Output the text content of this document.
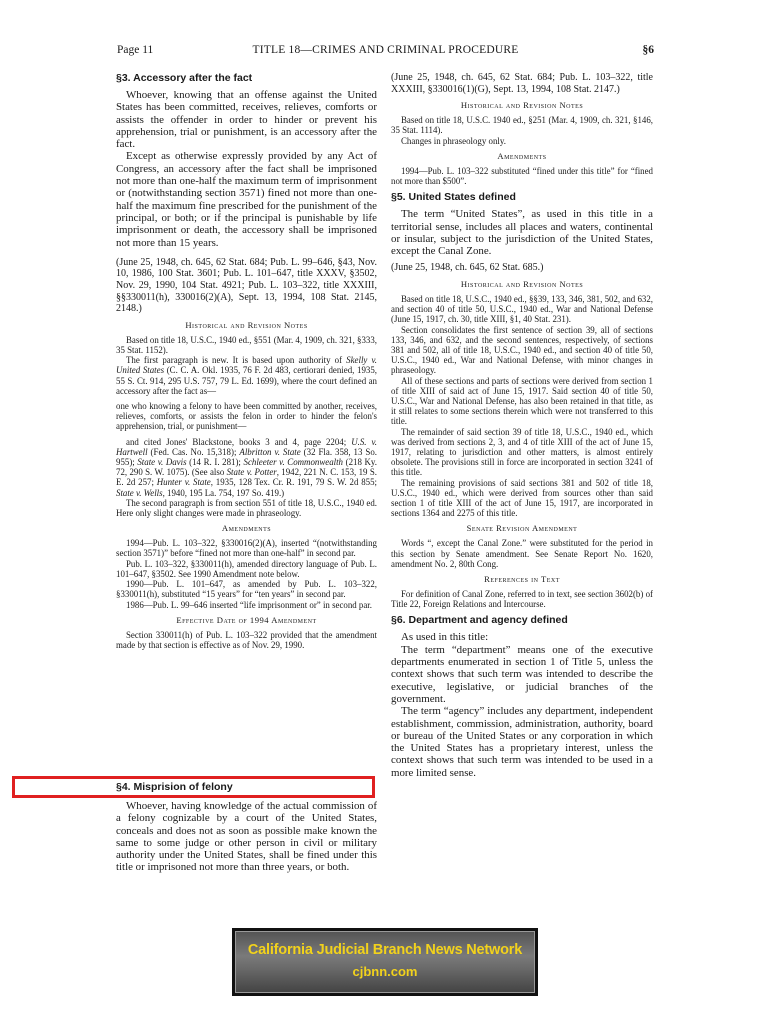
Page 11	TITLE 18—CRIMES AND CRIMINAL PROCEDURE	§6
§3. Accessory after the fact

Whoever, knowing that an offense against the United States has been committed, receives, relieves, comforts or assists the offender in order to hinder or prevent his apprehension, trial or punishment, is an accessory after the fact.

Except as otherwise expressly provided by any Act of Congress, an accessory after the fact shall be imprisoned not more than one-half the maximum term of imprisonment or (notwithstanding section 3571) fined not more than one-half the maximum fine prescribed for the punishment of the principal, or both; or if the principal is punishable by life imprisonment or death, the accessory shall be imprisoned not more than 15 years.

(June 25, 1948, ch. 645, 62 Stat. 684; Pub. L. 99–646, §43, Nov. 10, 1986, 100 Stat. 3601; Pub. L. 101–647, title XXXV, §3502, Nov. 29, 1990, 104 Stat. 4921; Pub. L. 103–322, title XXXIII, §§330011(h), 330016(2)(A), Sept. 13, 1994, 108 Stat. 2145, 2148.)

Historical and Revision Notes

Based on title 18, U.S.C., 1940 ed., §551 (Mar. 4, 1909, ch. 321, §333, 35 Stat. 1152).

The first paragraph is new. It is based upon authority of Skelly v. United States (C. C. A. Okl. 1935, 76 F. 2d 483, certiorari denied, 1935, 55 S. Ct. 914, 295 U.S. 757, 79 L. Ed. 1699), where the court defined an accessory after the fact as—

one who knowing a felony to have been committed by another, receives, relieves, comforts, or assists the felon in order to hinder the felon's apprehension, trial, or punishment—

and cited Jones' Blackstone, books 3 and 4, page 2204; U.S. v. Hartwell (Fed. Cas. No. 15,318); Albritton v. State (32 Fla. 358, 13 So. 955); State v. Davis (14 R. I. 281); Schleeter v. Commonwealth (218 Ky. 72, 290 S. W. 1075). (See also State v. Potter, 1942, 221 N. C. 153, 19 S. E. 2d 257; Hunter v. State, 1935, 128 Tex. Cr. R. 191, 79 S. W. 2d 855; State v. Wells, 1940, 195 La. 754, 197 So. 419.)

The second paragraph is from section 551 of title 18, U.S.C., 1940 ed. Here only slight changes were made in phraseology.

Amendments

1994—Pub. L. 103–322, §330016(2)(A), inserted “(notwithstanding section 3571)” before “fined not more than one-half” in second par.

Pub. L. 103–322, §330011(h), amended directory language of Pub. L. 101–647, §3502. See 1990 Amendment note below.

1990—Pub. L. 101–647, as amended by Pub. L. 103–322, §330011(h), substituted “15 years” for “ten years” in second par.

1986—Pub. L. 99–646 inserted “life imprisonment or” in second par.

Effective Date of 1994 Amendment

Section 330011(h) of Pub. L. 103–322 provided that the amendment made by that section is effective as of Nov. 29, 1990.

§4. Misprision of felony

Whoever, having knowledge of the actual commission of a felony cognizable by a court of the United States, conceals and does not as soon as possible make known the same to some judge or other person in civil or military authority under the United States, shall be fined under this title or imprisoned not more than three years, or both.

(June 25, 1948, ch. 645, 62 Stat. 684; Pub. L. 103–322, title XXXIII, §330016(1)(G), Sept. 13, 1994, 108 Stat. 2147.)

Historical and Revision Notes

Based on title 18, U.S.C. 1940 ed., §251 (Mar. 4, 1909, ch. 321, §146, 35 Stat. 1114).

Changes in phraseology only.

Amendments

1994—Pub. L. 103–322 substituted “fined under this title” for “fined not more than $500”.

§5. United States defined

The term “United States”, as used in this title in a territorial sense, includes all places and waters, continental or insular, subject to the jurisdiction of the United States, except the Canal Zone.

(June 25, 1948, ch. 645, 62 Stat. 685.)

Historical and Revision Notes

Based on title 18, U.S.C., 1940 ed., §§39, 133, 346, 381, 502, and 632, and section 40 of title 50, U.S.C., 1940 ed., War and National Defense (June 15, 1917, ch. 30, title XIII, §1, 40 Stat. 231).

Section consolidates the first sentence of section 39, all of sections 133, 346, and 632, and the second sentences, respectively, of sections 381 and 502, all of title 18, U.S.C., 1940 ed., and section 40 of title 50, U.S.C., 1940 ed., War and National Defense, with minor changes in phraseology.

All of these sections and parts of sections were derived from section 1 of title XIII of said act of June 15, 1917. Said section 40 of title 50, U.S.C., War and National Defense, has also been retained in that title, as it still relates to some sections therein which were not transferred to this title.

The remainder of said section 39 of title 18, U.S.C., 1940 ed., which was derived from sections 2, 3, and 4 of title XIII of the act of June 15, 1917, relating to jurisdiction and other matters, is almost entirely obsolete. The provisions still in force are incorporated in section 3241 of this title.

The remaining provisions of said sections 381 and 502 of title 18, U.S.C., 1940 ed., which were derived from sources other than said section 1 of title XIII of the act of June 15, 1917, are incorporated in sections 1364 and 2275 of this title.

Senate Revision Amendment

Words “, except the Canal Zone.” were substituted for the period in this section by Senate amendment. See Senate Report No. 1620, amendment No. 2, 80th Cong.

References in Text

For definition of Canal Zone, referred to in text, see section 3602(b) of Title 22, Foreign Relations and Intercourse.

§6. Department and agency defined

As used in this title:

The term “department” means one of the executive departments enumerated in section 1 of Title 5, unless the context shows that such term was intended to describe the executive, legislative, or judicial branches of the government.

The term “agency” includes any department, independent establishment, commission, administration, authority, board or bureau of the United States or any corporation in which the United States has a proprietary interest, unless the context shows that such term was intended to be used in a more limited sense.

California Judicial Branch News Network
cjbnn.com
